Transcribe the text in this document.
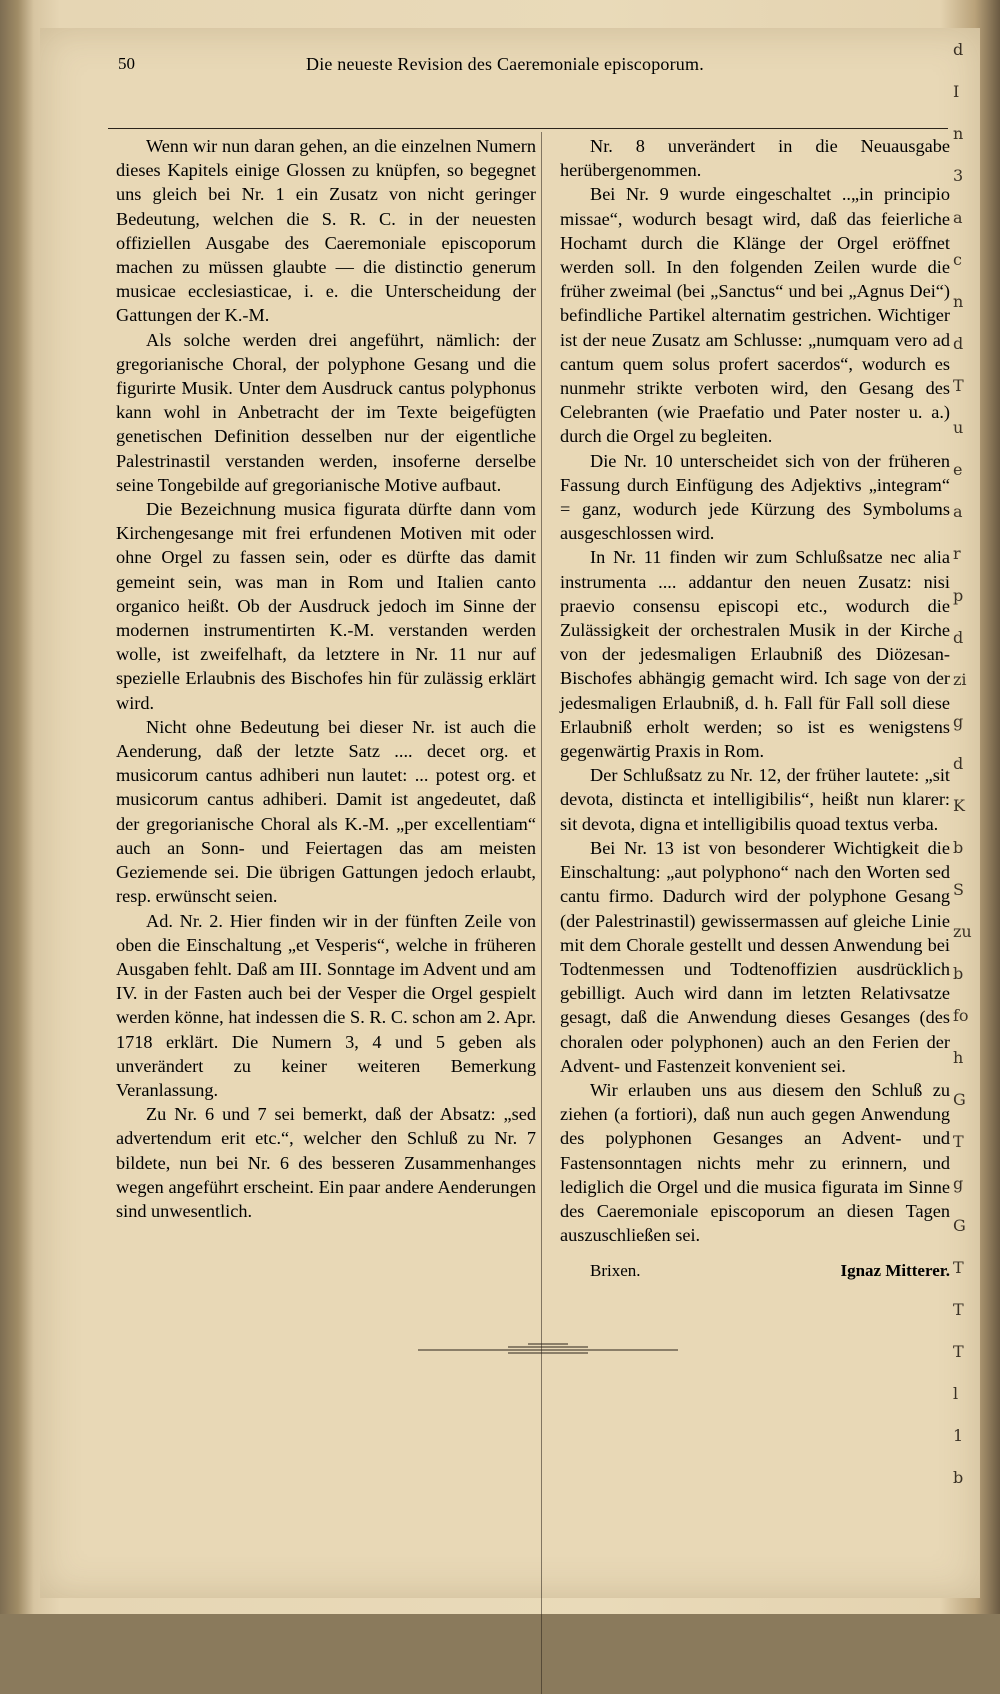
50	Die neueste Revision des Caeremoniale episcoporum.

Wenn wir nun daran gehen, an die einzelnen Numern dieses Kapitels einige Glossen zu knüpfen, so begegnet uns gleich bei Nr. 1 ein Zusatz von nicht geringer Bedeutung, welchen die S. R. C. in der neuesten offiziellen Ausgabe des Caeremoniale episcoporum machen zu müssen glaubte — die distinctio generum musicae ecclesiasticae, i. e. die Unterscheidung der Gattungen der K.-M.

Als solche werden drei angeführt, nämlich: der gregorianische Choral, der polyphone Gesang und die figurirte Musik. Unter dem Ausdruck cantus polyphonus kann wohl in Anbetracht der im Texte beigefügten genetischen Definition desselben nur der eigentliche Palestrinastil verstanden werden, insoferne derselbe seine Tongebilde auf gregorianische Motive aufbaut.

Die Bezeichnung musica figurata dürfte dann vom Kirchengesange mit frei erfundenen Motiven mit oder ohne Orgel zu fassen sein, oder es dürfte das damit gemeint sein, was man in Rom und Italien canto organico heißt. Ob der Ausdruck jedoch im Sinne der modernen instrumentirten K.-M. verstanden werden wolle, ist zweifelhaft, da letztere in Nr. 11 nur auf spezielle Erlaubnis des Bischofes hin für zulässig erklärt wird.

Nicht ohne Bedeutung bei dieser Nr. ist auch die Aenderung, daß der letzte Satz .... decet org. et musicorum cantus adhiberi nun lautet: ... potest org. et musicorum cantus adhiberi. Damit ist angedeutet, daß der gregorianische Choral als K.-M. „per excellentiam“ auch an Sonn- und Feiertagen das am meisten Geziemende sei. Die übrigen Gattungen jedoch erlaubt, resp. erwünscht seien.

Ad. Nr. 2. Hier finden wir in der fünften Zeile von oben die Einschaltung „et Vesperis“, welche in früheren Ausgaben fehlt. Daß am III. Sonntage im Advent und am IV. in der Fasten auch bei der Vesper die Orgel gespielt werden könne, hat indessen die S. R. C. schon am 2. Apr. 1718 erklärt. Die Numern 3, 4 und 5 geben als unverändert zu keiner weiteren Bemerkung Veranlassung.

Zu Nr. 6 und 7 sei bemerkt, daß der Absatz: „sed advertendum erit etc.“, welcher den Schluß zu Nr. 7 bildete, nun bei Nr. 6 des besseren Zusammenhanges wegen angeführt erscheint. Ein paar andere Aenderungen sind unwesentlich.

Nr. 8 unverändert in die Neuausgabe herübergenommen.

Bei Nr. 9 wurde eingeschaltet ..„in principio missae“, wodurch besagt wird, daß das feierliche Hochamt durch die Klänge der Orgel eröffnet werden soll. In den folgenden Zeilen wurde die früher zweimal (bei „Sanctus“ und bei „Agnus Dei“) befindliche Partikel alternatim gestrichen. Wichtiger ist der neue Zusatz am Schlusse: „numquam vero ad cantum quem solus profert sacerdos“, wodurch es nunmehr strikte verboten wird, den Gesang des Celebranten (wie Praefatio und Pater noster u. a.) durch die Orgel zu begleiten.

Die Nr. 10 unterscheidet sich von der früheren Fassung durch Einfügung des Adjektivs „integram“ = ganz, wodurch jede Kürzung des Symbolums ausgeschlossen wird.

In Nr. 11 finden wir zum Schlußsatze nec alia instrumenta .... addantur den neuen Zusatz: nisi praevio consensu episcopi etc., wodurch die Zulässigkeit der orchestralen Musik in der Kirche von der jedesmaligen Erlaubniß des Diözesan-Bischofes abhängig gemacht wird. Ich sage von der jedesmaligen Erlaubniß, d. h. Fall für Fall soll diese Erlaubniß erholt werden; so ist es wenigstens gegenwärtig Praxis in Rom.

Der Schlußsatz zu Nr. 12, der früher lautete: „sit devota, distincta et intelligibilis“, heißt nun klarer: sit devota, digna et intelligibilis quoad textus verba.

Bei Nr. 13 ist von besonderer Wichtigkeit die Einschaltung: „aut polyphono“ nach den Worten sed cantu firmo. Dadurch wird der polyphone Gesang (der Palestrinastil) gewissermassen auf gleiche Linie mit dem Chorale gestellt und dessen Anwendung bei Todtenmessen und Todtenoffizien ausdrücklich gebilligt. Auch wird dann im letzten Relativsatze gesagt, daß die Anwendung dieses Gesanges (des choralen oder polyphonen) auch an den Ferien der Advent- und Fastenzeit konvenient sei.

Wir erlauben uns aus diesem den Schluß zu ziehen (a fortiori), daß nun auch gegen Anwendung des polyphonen Gesanges an Advent- und Fastensonntagen nichts mehr zu erinnern, und lediglich die Orgel und die musica figurata im Sinne des Caeremoniale episcoporum an diesen Tagen auszuschließen sei.

Brixen.	Ignaz Mitterer.
d
I
n
3
a
c
n
d
T
u
e
a
r
p
d
zi
g
d
K
b
S
zu
b
fo
h
G
T
g
G
T
T
T
l
1
b
